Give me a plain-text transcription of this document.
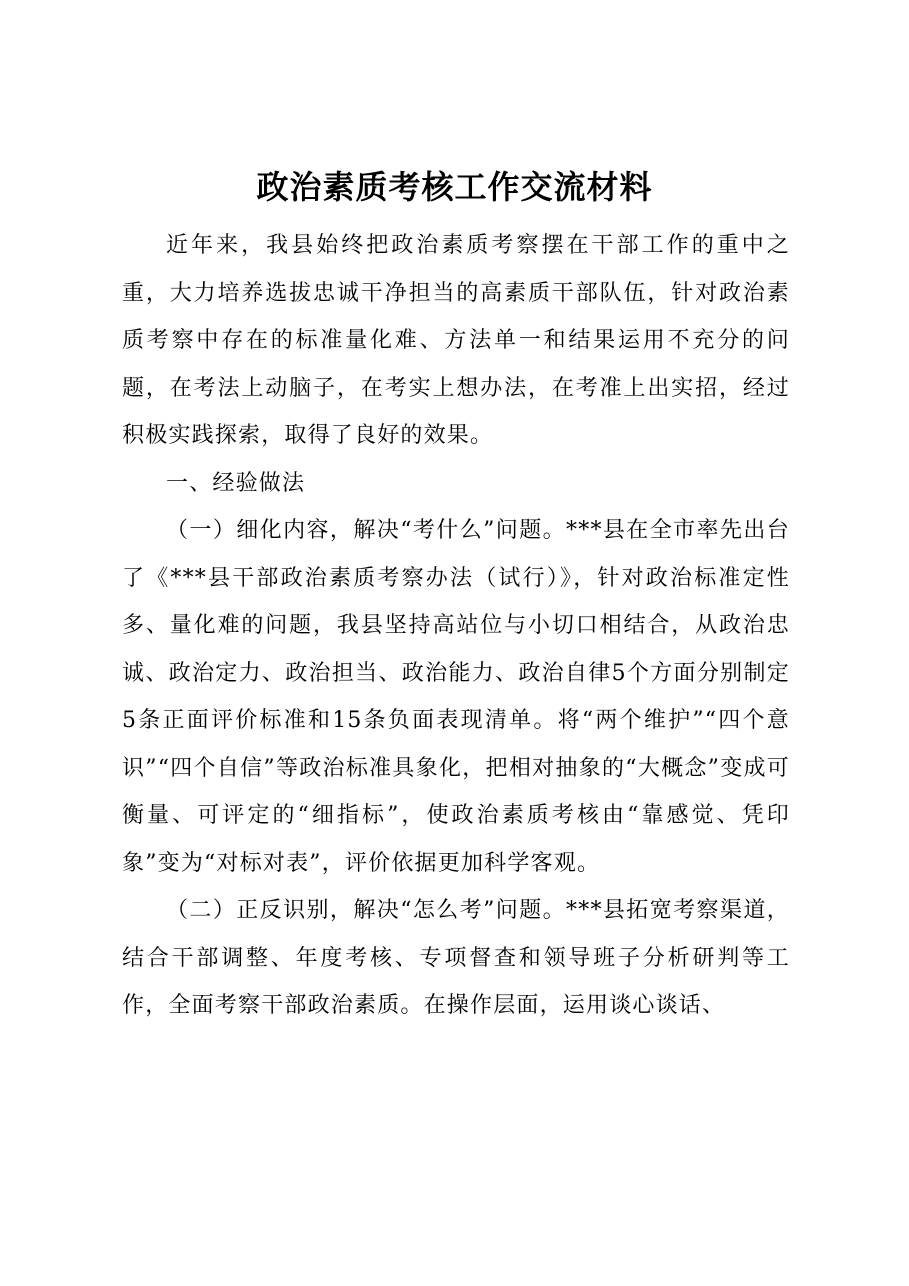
政治素质考核工作交流材料

近年来，我县始终把政治素质考察摆在干部工作的重中之重，大力培养选拔忠诚干净担当的高素质干部队伍，针对政治素质考察中存在的标准量化难、方法单一和结果运用不充分的问题，在考法上动脑子，在考实上想办法，在考准上出实招，经过积极实践探索，取得了良好的效果。

一、经验做法

（一）细化内容，解决“考什么”问题。***县在全市率先出台了《***县干部政治素质考察办法（试行）》，针对政治标准定性多、量化难的问题，我县坚持高站位与小切口相结合，从政治忠诚、政治定力、政治担当、政治能力、政治自律5个方面分别制定5条正面评价标准和15条负面表现清单。将“两个维护”“四个意识”“四个自信”等政治标准具象化，把相对抽象的“大概念”变成可衡量、可评定的“细指标”，使政治素质考核由“靠感觉、凭印象”变为“对标对表”，评价依据更加科学客观。

（二）正反识别，解决“怎么考”问题。***县拓宽考察渠道，结合干部调整、年度考核、专项督查和领导班子分析研判等工作，全面考察干部政治素质。在操作层面，运用谈心谈话、
